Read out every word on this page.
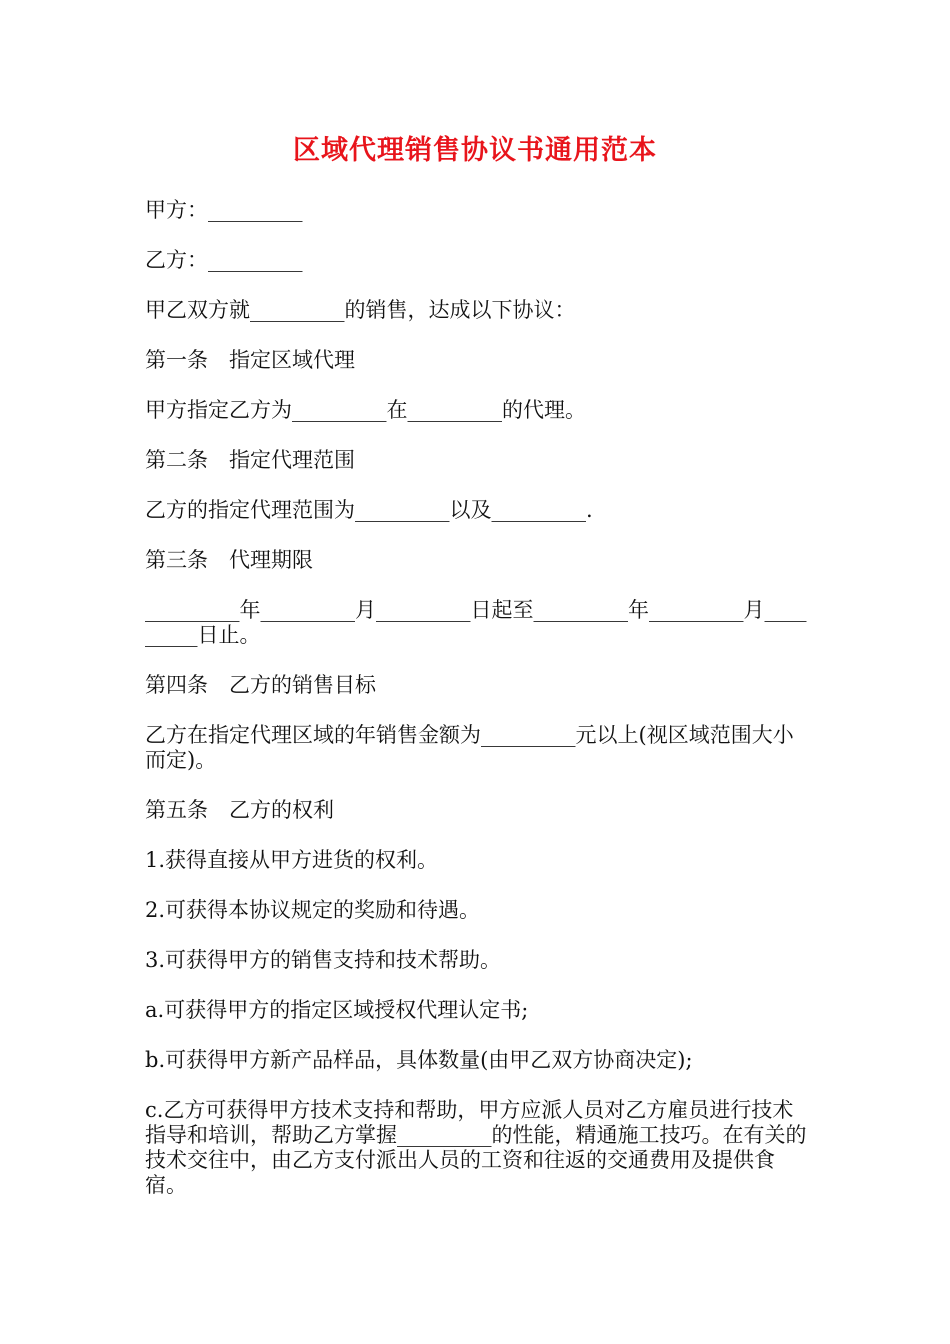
区域代理销售协议书通用范本

甲方：_________

乙方：_________

甲乙双方就_________的销售，达成以下协议：

第一条　指定区域代理

甲方指定乙方为_________在_________的代理。

第二条　指定代理范围

乙方的指定代理范围为_________以及_________.

第三条　代理期限

_________年_________月_________日起至_________年_________月_________日止。

第四条　乙方的销售目标

乙方在指定代理区域的年销售金额为_________元以上(视区域范围大小而定)。

第五条　乙方的权利

1.获得直接从甲方进货的权利。

2.可获得本协议规定的奖励和待遇。

3.可获得甲方的销售支持和技术帮助。

a.可获得甲方的指定区域授权代理认定书;

b.可获得甲方新产品样品，具体数量(由甲乙双方协商决定);

c.乙方可获得甲方技术支持和帮助，甲方应派人员对乙方雇员进行技术指导和培训，帮助乙方掌握_________的性能，精通施工技巧。在有关的技术交往中，由乙方支付派出人员的工资和往返的交通费用及提供食宿。
